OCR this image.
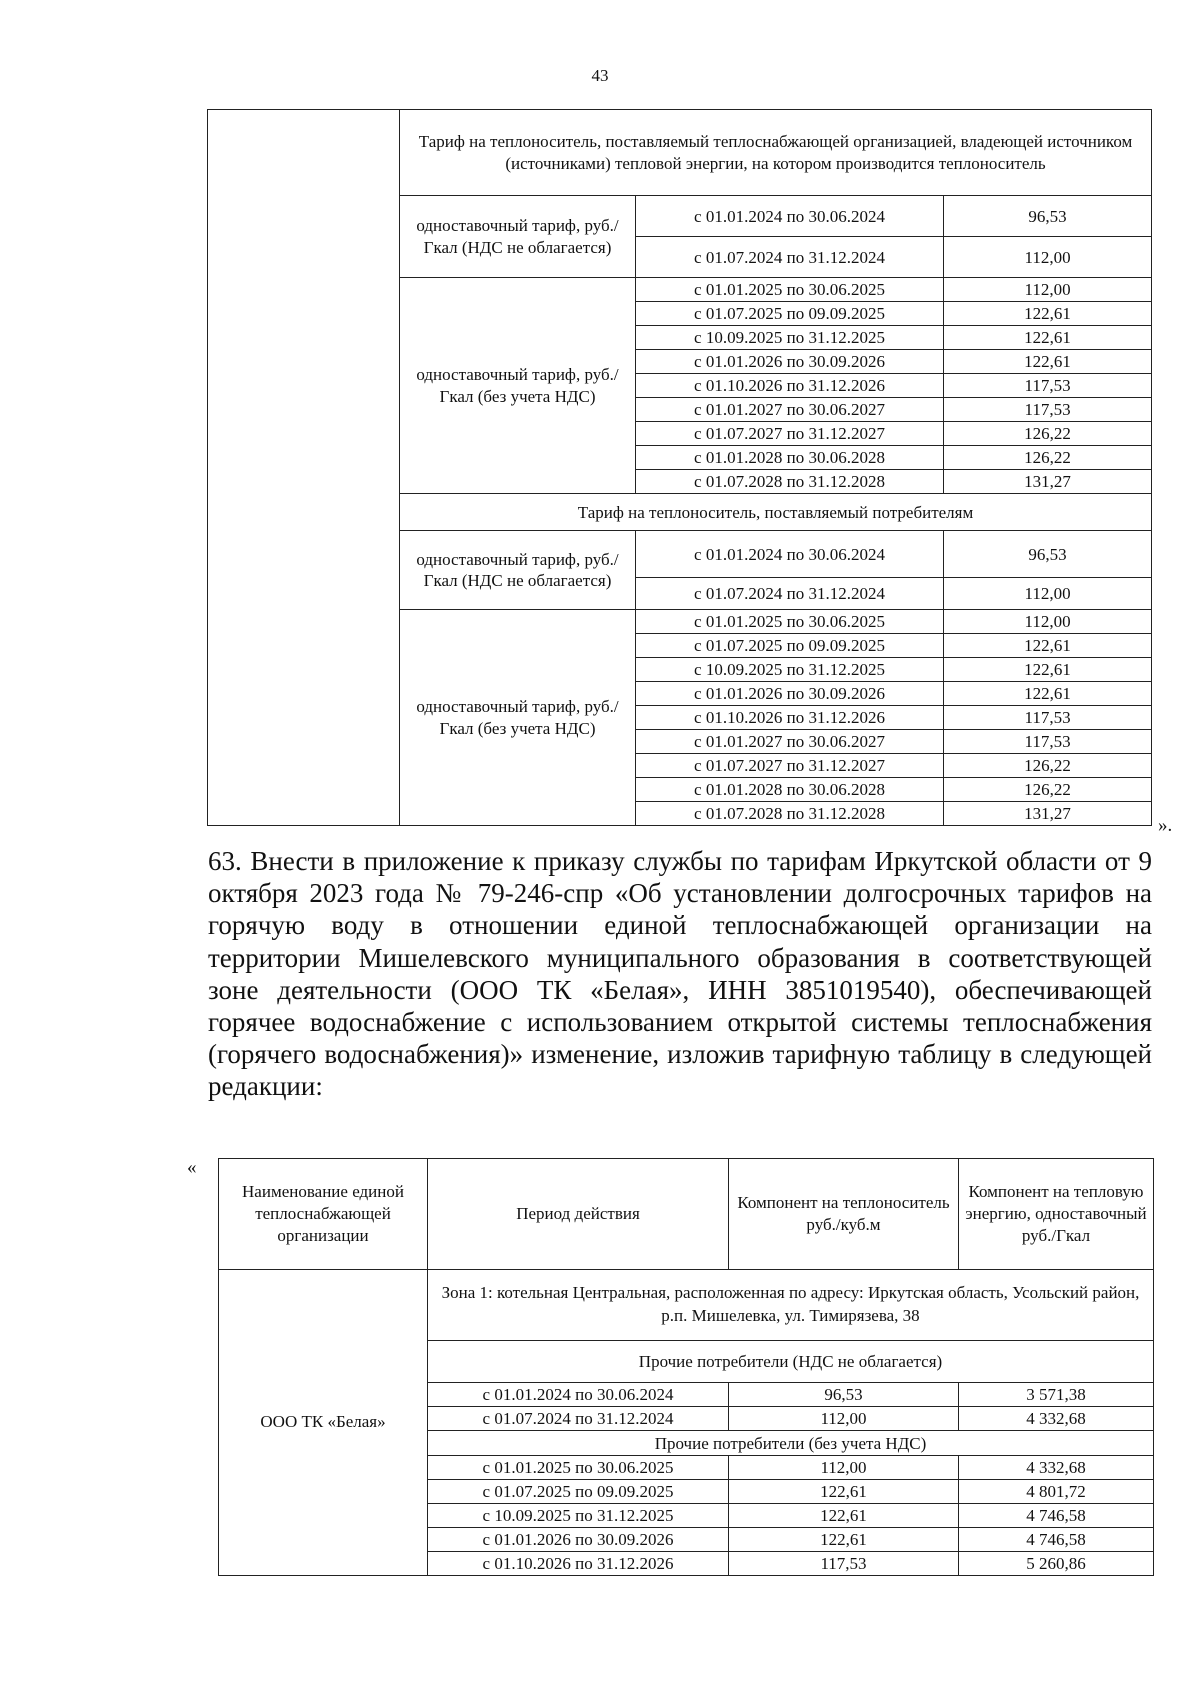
43
	Тариф на теплоноситель, поставляемый теплоснабжающей организацией, владеющей источником (источниками) тепловой энергии, на котором производится теплоноситель		
	одноставочный тариф, руб./Гкал (НДС не облагается)	с 01.01.2024 по 30.06.2024	96,53
		с 01.07.2024 по 31.12.2024	112,00
	одноставочный тариф, руб./Гкал (без учета НДС)	с 01.01.2025 по 30.06.2025	112,00
		с 01.07.2025 по 09.09.2025	122,61
		с 10.09.2025 по 31.12.2025	122,61
		с 01.01.2026 по 30.09.2026	122,61
		с 01.10.2026 по 31.12.2026	117,53
		с 01.01.2027 по 30.06.2027	117,53
		с 01.07.2027 по 31.12.2027	126,22
		с 01.01.2028 по 30.06.2028	126,22
		с 01.07.2028 по 31.12.2028	131,27
	Тариф на теплоноситель, поставляемый потребителям		
	одноставочный тариф, руб./Гкал (НДС не облагается)	с 01.01.2024 по 30.06.2024	96,53
		с 01.07.2024 по 31.12.2024	112,00
	одноставочный тариф, руб./Гкал (без учета НДС)	с 01.01.2025 по 30.06.2025	112,00
		с 01.07.2025 по 09.09.2025	122,61
		с 10.09.2025 по 31.12.2025	122,61
		с 01.01.2026 по 30.09.2026	122,61
		с 01.10.2026 по 31.12.2026	117,53
		с 01.01.2027 по 30.06.2027	117,53
		с 01.07.2027 по 31.12.2027	126,22
		с 01.01.2028 по 30.06.2028	126,22
		с 01.07.2028 по 31.12.2028	131,27
».

63. Внести в приложение к приказу службы по тарифам Иркутской области от 9 октября 2023 года № 79-246-спр «Об установлении долгосрочных тарифов на горячую воду в отношении единой теплоснабжающей организации на территории Мишелевского муниципального образования в соответствующей зоне деятельности (ООО ТК «Белая», ИНН 3851019540), обеспечивающей горячее водоснабжение с использованием открытой системы теплоснабжения (горячего водоснабжения)» изменение, изложив тарифную таблицу в следующей редакции:

«
Наименование единой теплоснабжающей организации	Период действия	Компонент на теплоноситель руб./куб.м	Компонент на тепловую энергию, одноставочный руб./Гкал
ООО ТК «Белая»	Зона 1: котельная Центральная, расположенная по адресу: Иркутская область, Усольский район, р.п. Мишелевка, ул. Тимирязева, 38		
	Прочие потребители (НДС не облагается)		
	с 01.01.2024 по 30.06.2024	96,53	3 571,38
	с 01.07.2024 по 31.12.2024	112,00	4 332,68
	Прочие потребители (без учета НДС)		
	с 01.01.2025 по 30.06.2025	112,00	4 332,68
	с 01.07.2025 по 09.09.2025	122,61	4 801,72
	с 10.09.2025 по 31.12.2025	122,61	4 746,58
	с 01.01.2026 по 30.09.2026	122,61	4 746,58
	с 01.10.2026 по 31.12.2026	117,53	5 260,86
